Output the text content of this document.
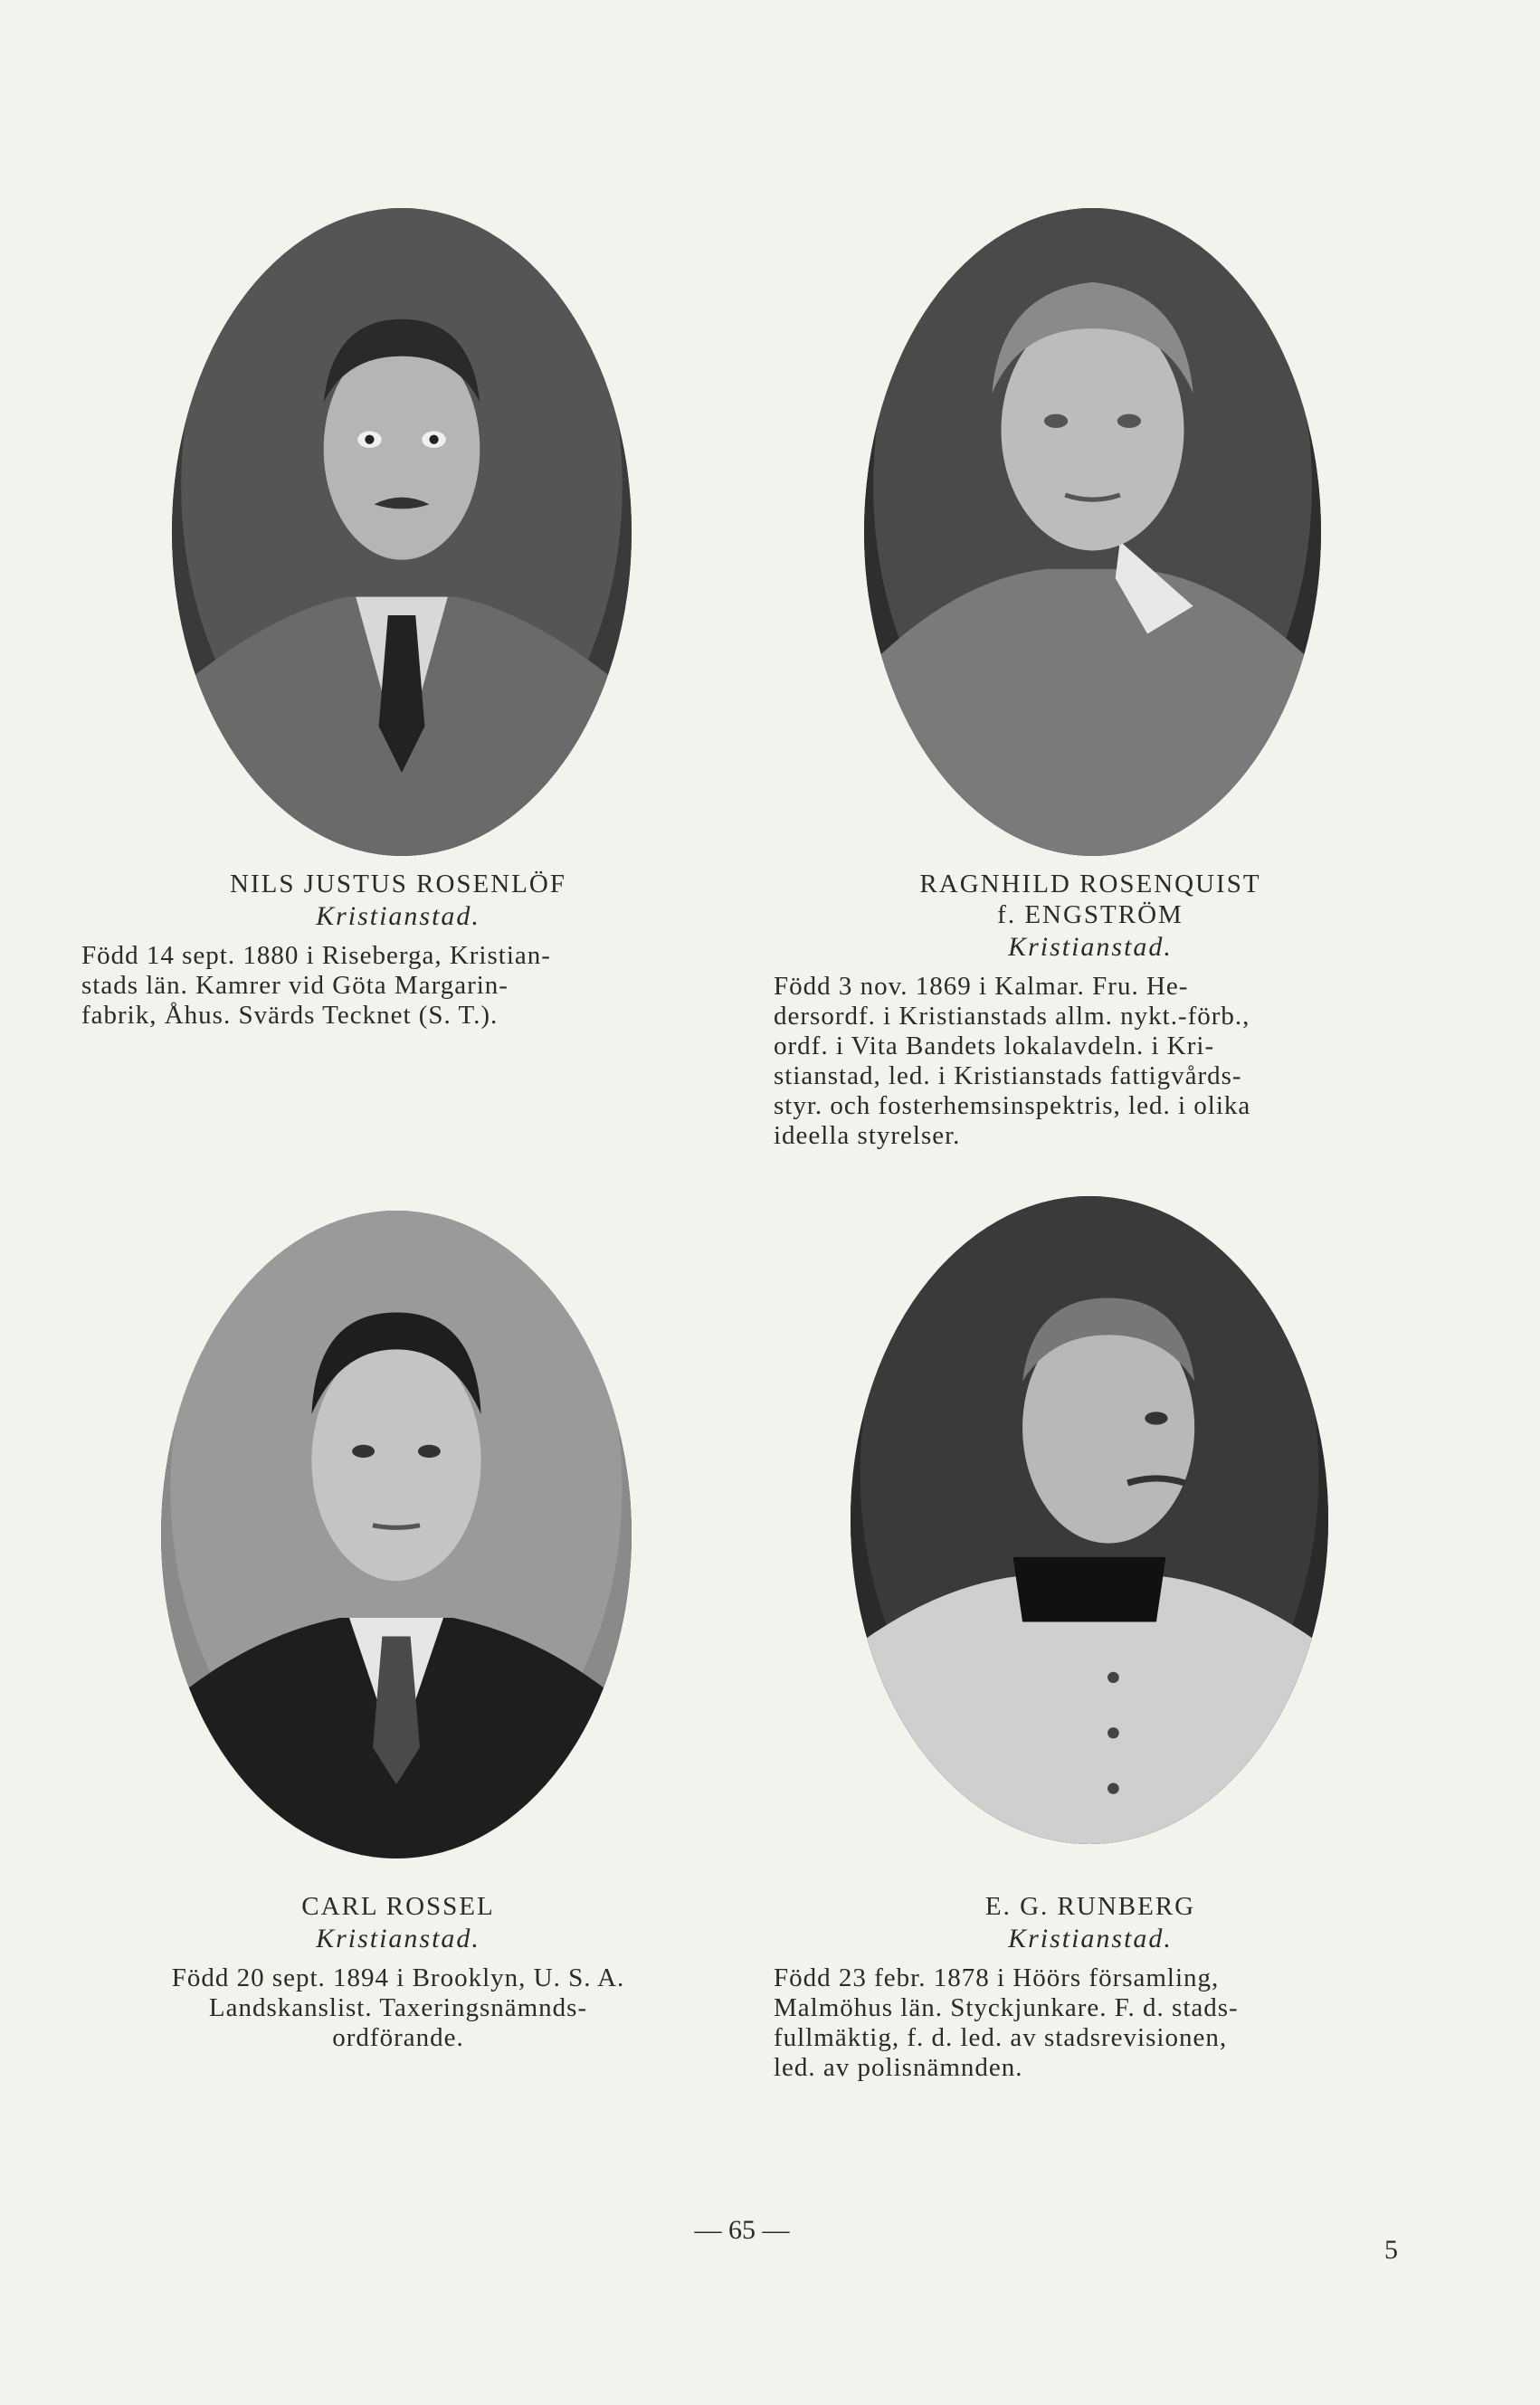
NILS JUSTUS ROSENLÖF
Kristianstad.
Född 14 sept. 1880 i Riseberga, Kristian-
stads län. Kamrer vid Göta Margarin-
fabrik, Åhus. Svärds Tecknet (S. T.).
RAGNHILD ROSENQUIST
f. ENGSTRÖM
Kristianstad.
Född 3 nov. 1869 i Kalmar. Fru. He-
dersordf. i Kristianstads allm. nykt.-förb.,
ordf. i Vita Bandets lokalavdeln. i Kri-
stianstad, led. i Kristianstads fattigvårds-
styr. och fosterhemsinspektris, led. i olika
ideella styrelser.
CARL ROSSEL
Kristianstad.
Född 20 sept. 1894 i Brooklyn, U. S. A.
Landskanslist. Taxeringsnämnds-
ordförande.
E. G. RUNBERG
Kristianstad.
Född 23 febr. 1878 i Höörs församling,
Malmöhus län. Styckjunkare. F. d. stads-
fullmäktig, f. d. led. av stadsrevisionen,
led. av polisnämnden.
— 65 —
5
